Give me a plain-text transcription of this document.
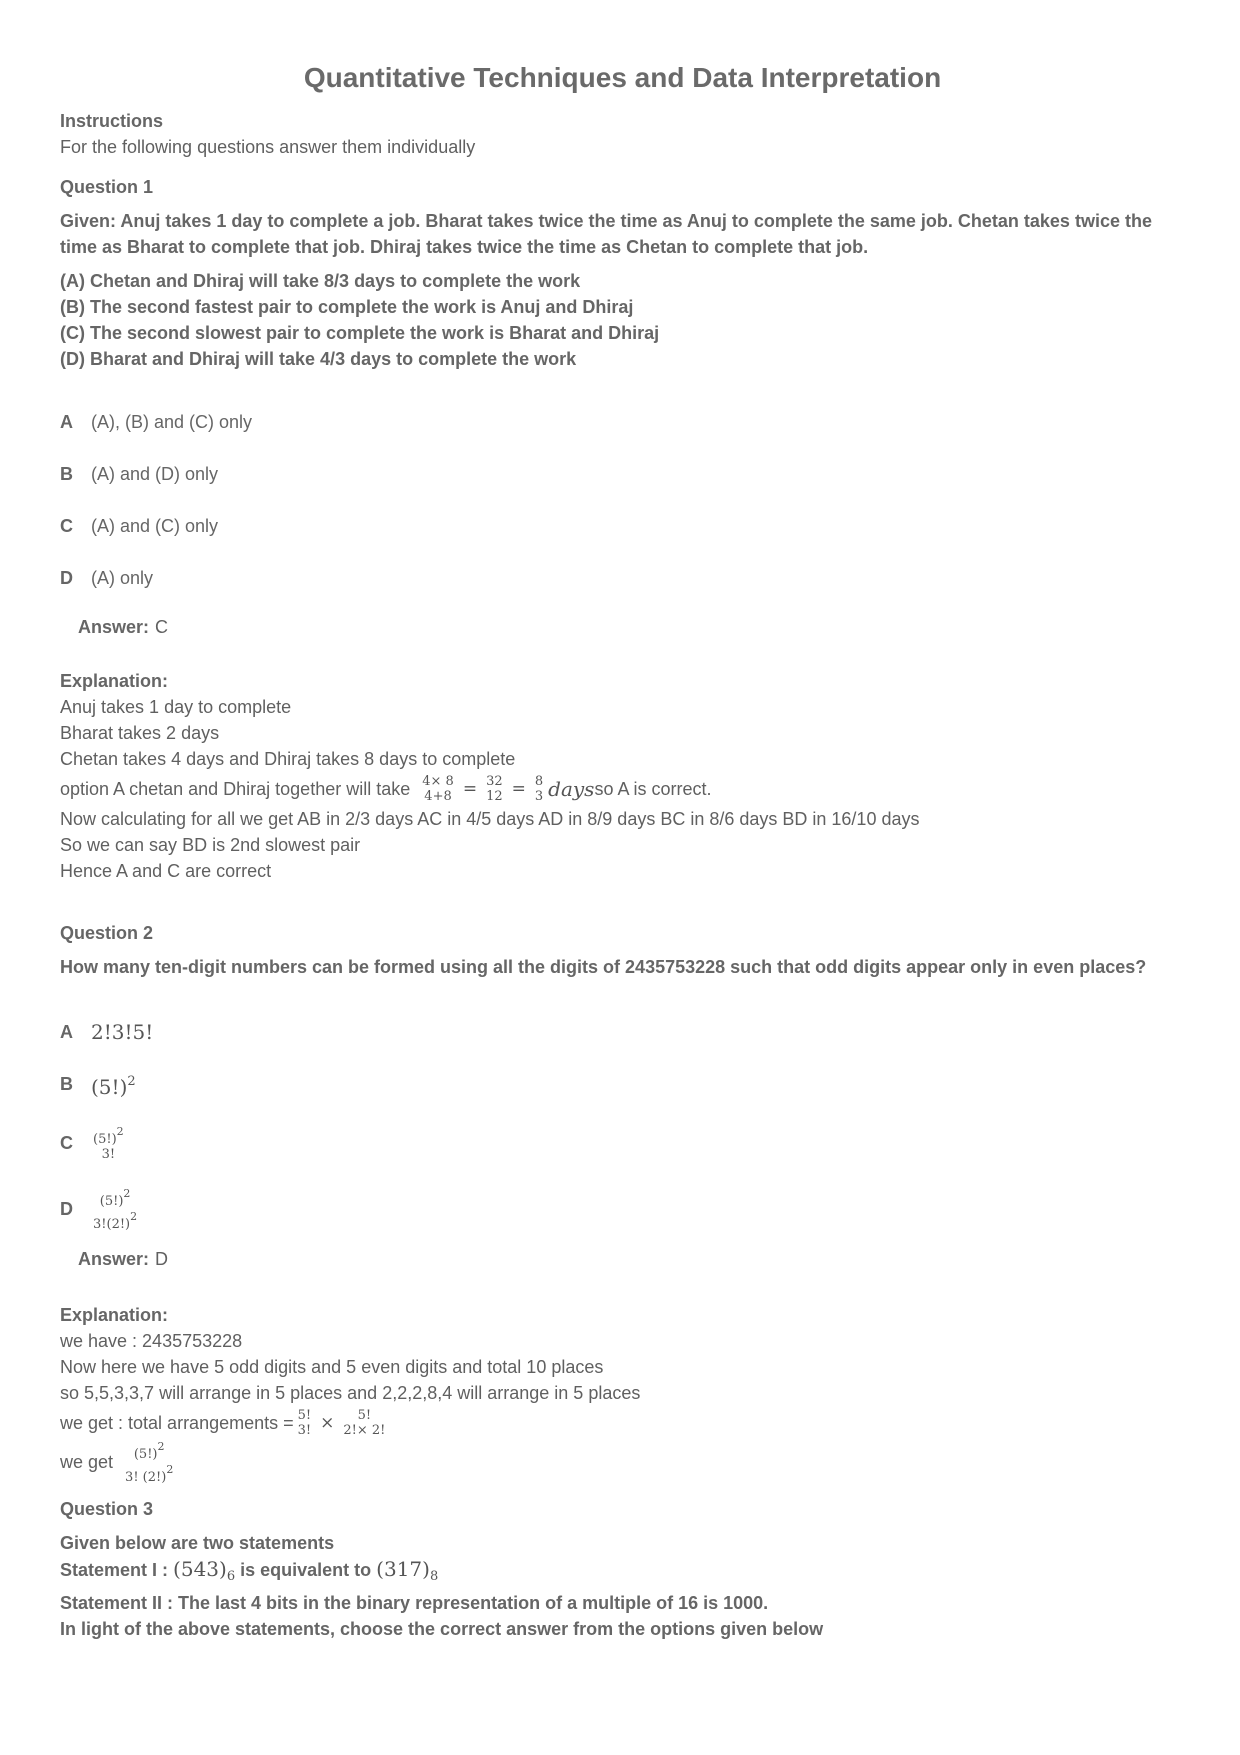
Quantitative Techniques and Data Interpretation
Instructions
For the following questions answer them individually
Question 1
Given: Anuj takes 1 day to complete a job. Bharat takes twice the time as Anuj to complete the same job. Chetan takes twice the time as Bharat to complete that job. Dhiraj takes twice the time as Chetan to complete that job.
(A) Chetan and Dhiraj will take 8/3 days to complete the work
(B) The second fastest pair to complete the work is Anuj and Dhiraj
(C) The second slowest pair to complete the work is Bharat and Dhiraj
(D) Bharat and Dhiraj will take 4/3 days to complete the work
A	(A), (B) and (C) only
B	(A) and (D) only
C	(A) and (C) only
D	(A) only
Answer: C
Explanation:
Anuj takes 1 day to complete
Bharat takes 2 days
Chetan takes 4 days and Dhiraj takes 8 days to complete
option A chetan and Dhiraj together will take 4× 8
4+8 = 32
12 = 8
3 days so A is correct.
Now calculating for all we get AB in 2/3 days AC in 4/5 days AD in 8/9 days BC in 8/6 days BD in 16/10 days
So we can say BD is 2nd slowest pair
Hence A and C are correct
Question 2
How many ten-digit numbers can be formed using all the digits of 2435753228 such that odd digits appear only in even places?
A 2!3!5!
B $(5!)^2$
C	$(5!)^2$
3!
D	$(5!)^2$
$3!(2!)^2$
Answer: D
Explanation:
we have : 2435753228
Now here we have 5 odd digits and 5 even digits and total 10 places
so 5,5,3,3,7 will arrange in 5 places and 2,2,2,8,4 will arrange in 5 places
we get : total arrangements = 5!
3! × 5!
2!× 2!
we get $(5!)^2$
3! $(2!)^2$
Question 3
Given below are two statements
Statement I : $(543)_6$ is equivalent to $(317)_8$
Statement II : The last 4 bits in the binary representation of a multiple of 16 is 1000.
In light of the above statements, choose the correct answer from the options given below
